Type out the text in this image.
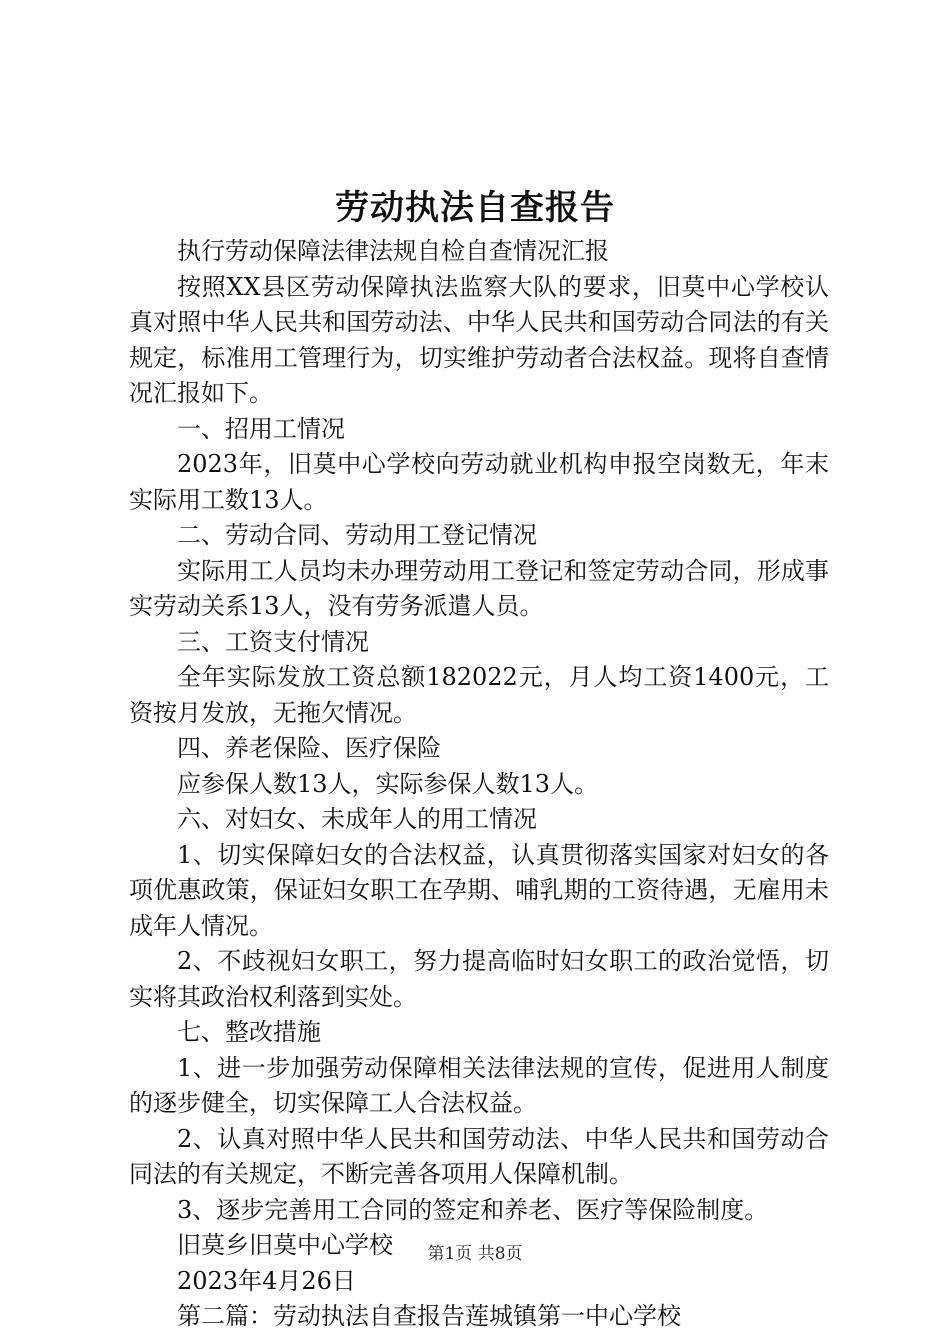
劳动执法自查报告

执行劳动保障法律法规自检自查情况汇报

按照XX县区劳动保障执法监察大队的要求，旧莫中心学校认真对照中华人民共和国劳动法、中华人民共和国劳动合同法的有关规定，标准用工管理行为，切实维护劳动者合法权益。现将自查情况汇报如下。

一、招用工情况

2023年，旧莫中心学校向劳动就业机构申报空岗数无，年末实际用工数13人。

二、劳动合同、劳动用工登记情况

实际用工人员均未办理劳动用工登记和签定劳动合同，形成事实劳动关系13人，没有劳务派遣人员。

三、工资支付情况

全年实际发放工资总额182022元，月人均工资1400元，工资按月发放，无拖欠情况。

四、养老保险、医疗保险

应参保人数13人，实际参保人数13人。

六、对妇女、未成年人的用工情况

1、切实保障妇女的合法权益，认真贯彻落实国家对妇女的各项优惠政策，保证妇女职工在孕期、哺乳期的工资待遇，无雇用未成年人情况。

2、不歧视妇女职工，努力提高临时妇女职工的政治觉悟，切实将其政治权利落到实处。

七、整改措施

1、进一步加强劳动保障相关法律法规的宣传，促进用人制度的逐步健全，切实保障工人合法权益。

2、认真对照中华人民共和国劳动法、中华人民共和国劳动合同法的有关规定，不断完善各项用人保障机制。

3、逐步完善用工合同的签定和养老、医疗等保险制度。

旧莫乡旧莫中心学校

2023年4月26日

第二篇：劳动执法自查报告莲城镇第一中心学校

第1页 共8页
